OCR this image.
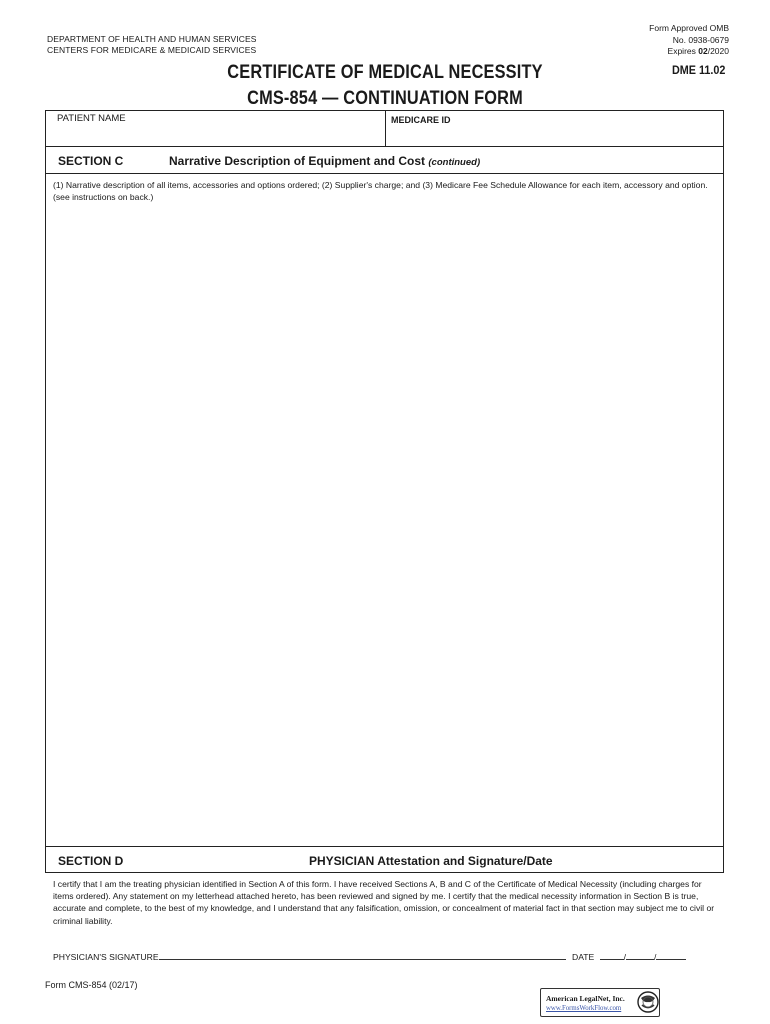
DEPARTMENT OF HEALTH AND HUMAN SERVICES
CENTERS FOR MEDICARE & MEDICAID SERVICES
Form Approved OMB
No. 0938-0679
Expires 02/2020
CERTIFICATE OF MEDICAL NECESSITY
CMS-854 — CONTINUATION FORM
DME 11.02
PATIENT NAME	MEDICARE ID
SECTION C	Narrative Description of Equipment and Cost (continued)
(1) Narrative description of all items, accessories and options ordered; (2) Supplier's charge; and (3) Medicare Fee Schedule Allowance for each item, accessory and option. (see instructions on back.)
SECTION D	PHYSICIAN Attestation and Signature/Date
I certify that I am the treating physician identified in Section A of this form. I have received Sections A, B and C of the Certificate of Medical Necessity (including charges for items ordered). Any statement on my letterhead attached hereto, has been reviewed and signed by me. I certify that the medical necessity information in Section B is true, accurate and complete, to the best of my knowledge, and I understand that any falsification, omission, or concealment of material fact in that section may subject me to civil or criminal liability.
PHYSICIAN'S SIGNATURE	DATE	/	/
Form CMS-854 (02/17)
American LegalNet, Inc.
www.FormsWorkFlow.com
